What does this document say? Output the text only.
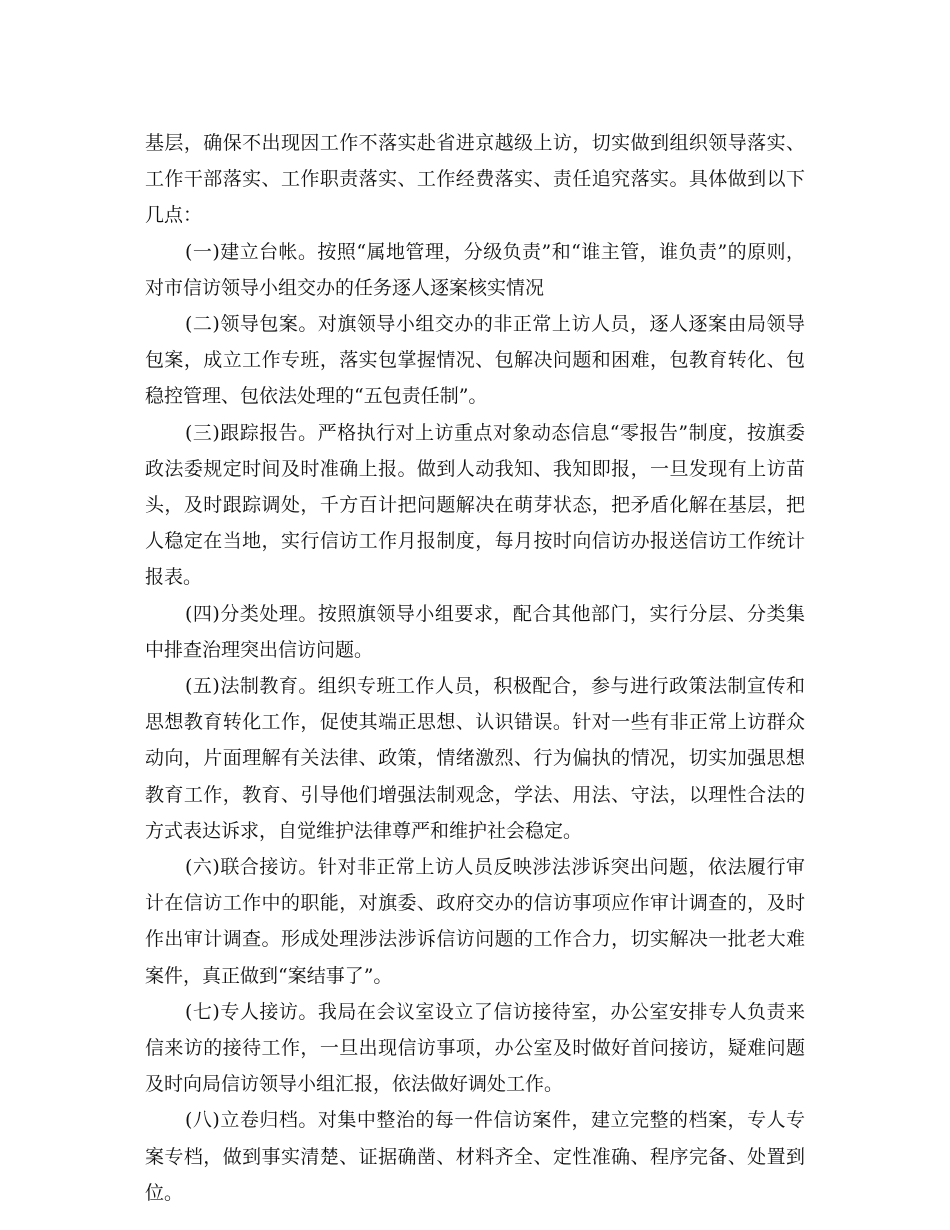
基层，确保不出现因工作不落实赴省进京越级上访，切实做到组织领导落实、工作干部落实、工作职责落实、工作经费落实、责任追究落实。具体做到以下几点：

(一)建立台帐。按照“属地管理，分级负责”和“谁主管，谁负责”的原则，对市信访领导小组交办的任务逐人逐案核实情况

(二)领导包案。对旗领导小组交办的非正常上访人员，逐人逐案由局领导包案，成立工作专班，落实包掌握情况、包解决问题和困难，包教育转化、包稳控管理、包依法处理的“五包责任制”。

(三)跟踪报告。严格执行对上访重点对象动态信息“零报告”制度，按旗委政法委规定时间及时准确上报。做到人动我知、我知即报，一旦发现有上访苗头，及时跟踪调处，千方百计把问题解决在萌芽状态，把矛盾化解在基层，把人稳定在当地，实行信访工作月报制度，每月按时向信访办报送信访工作统计报表。

(四)分类处理。按照旗领导小组要求，配合其他部门，实行分层、分类集中排查治理突出信访问题。

(五)法制教育。组织专班工作人员，积极配合，参与进行政策法制宣传和思想教育转化工作，促使其端正思想、认识错误。针对一些有非正常上访群众动向，片面理解有关法律、政策，情绪激烈、行为偏执的情况，切实加强思想教育工作，教育、引导他们增强法制观念，学法、用法、守法，以理性合法的方式表达诉求，自觉维护法律尊严和维护社会稳定。

(六)联合接访。针对非正常上访人员反映涉法涉诉突出问题，依法履行审计在信访工作中的职能，对旗委、政府交办的信访事项应作审计调查的，及时作出审计调查。形成处理涉法涉诉信访问题的工作合力，切实解决一批老大难案件，真正做到“案结事了”。

(七)专人接访。我局在会议室设立了信访接待室，办公室安排专人负责来信来访的接待工作，一旦出现信访事项，办公室及时做好首问接访，疑难问题及时向局信访领导小组汇报，依法做好调处工作。

(八)立卷归档。对集中整治的每一件信访案件，建立完整的档案，专人专案专档，做到事实清楚、证据确凿、材料齐全、定性准确、程序完备、处置到位。
